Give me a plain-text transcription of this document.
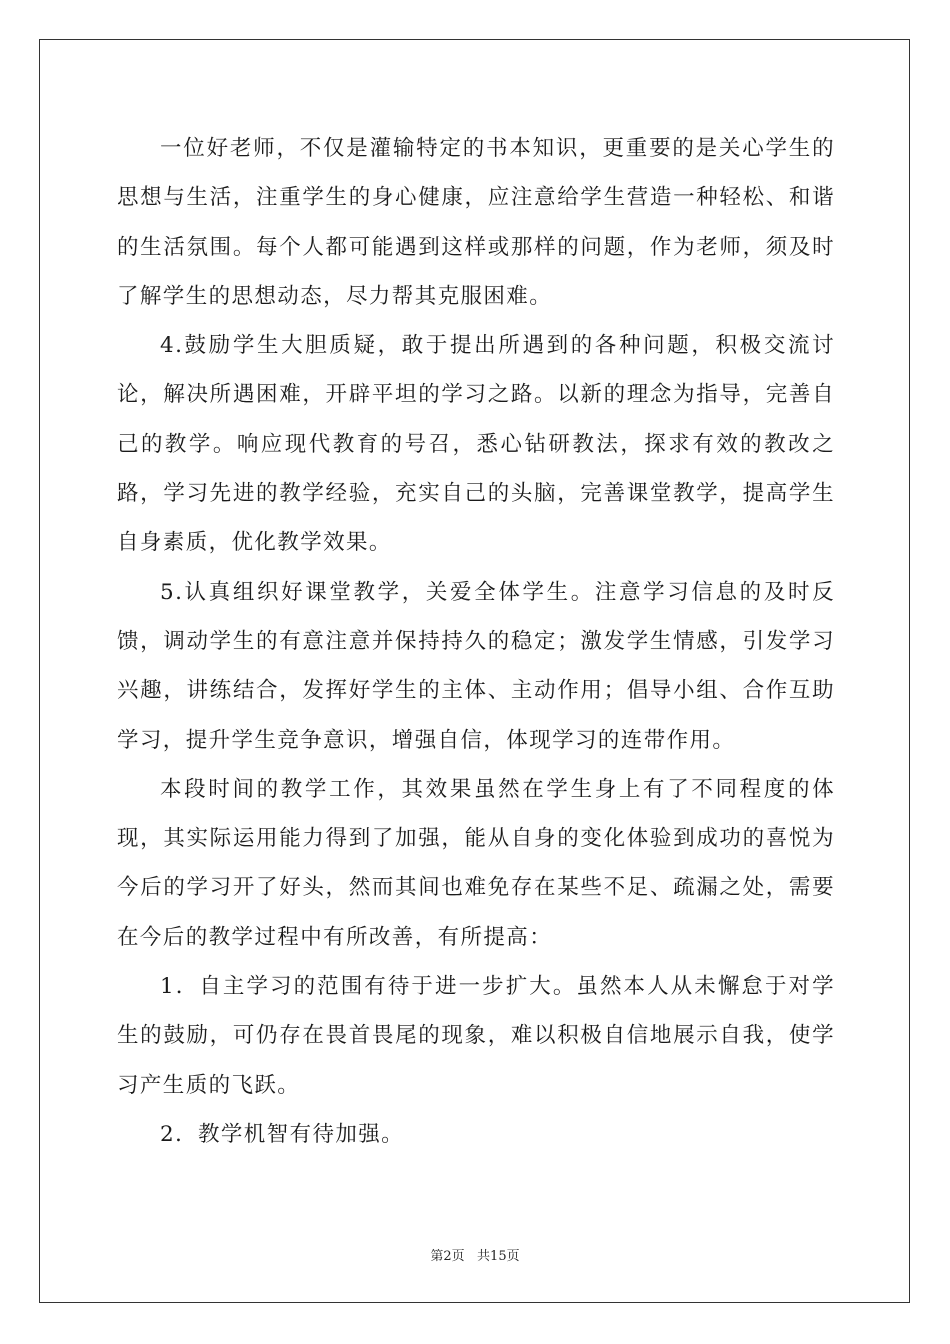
一位好老师，不仅是灌输特定的书本知识，更重要的是关心学生的思想与生活，注重学生的身心健康，应注意给学生营造一种轻松、和谐的生活氛围。每个人都可能遇到这样或那样的问题，作为老师，须及时了解学生的思想动态，尽力帮其克服困难。

4.鼓励学生大胆质疑，敢于提出所遇到的各种问题，积极交流讨论，解决所遇困难，开辟平坦的学习之路。以新的理念为指导，完善自己的教学。响应现代教育的号召，悉心钻研教法，探求有效的教改之路，学习先进的教学经验，充实自己的头脑，完善课堂教学，提高学生自身素质，优化教学效果。

5.认真组织好课堂教学，关爱全体学生。注意学习信息的及时反馈，调动学生的有意注意并保持持久的稳定；激发学生情感，引发学习兴趣，讲练结合，发挥好学生的主体、主动作用；倡导小组、合作互助学习，提升学生竞争意识，增强自信，体现学习的连带作用。

本段时间的教学工作，其效果虽然在学生身上有了不同程度的体现，其实际运用能力得到了加强，能从自身的变化体验到成功的喜悦为今后的学习开了好头，然而其间也难免存在某些不足、疏漏之处，需要在今后的教学过程中有所改善，有所提高：

1．自主学习的范围有待于进一步扩大。虽然本人从未懈怠于对学生的鼓励，可仍存在畏首畏尾的现象，难以积极自信地展示自我，使学习产生质的飞跃。

2．教学机智有待加强。

第2页   共15页
